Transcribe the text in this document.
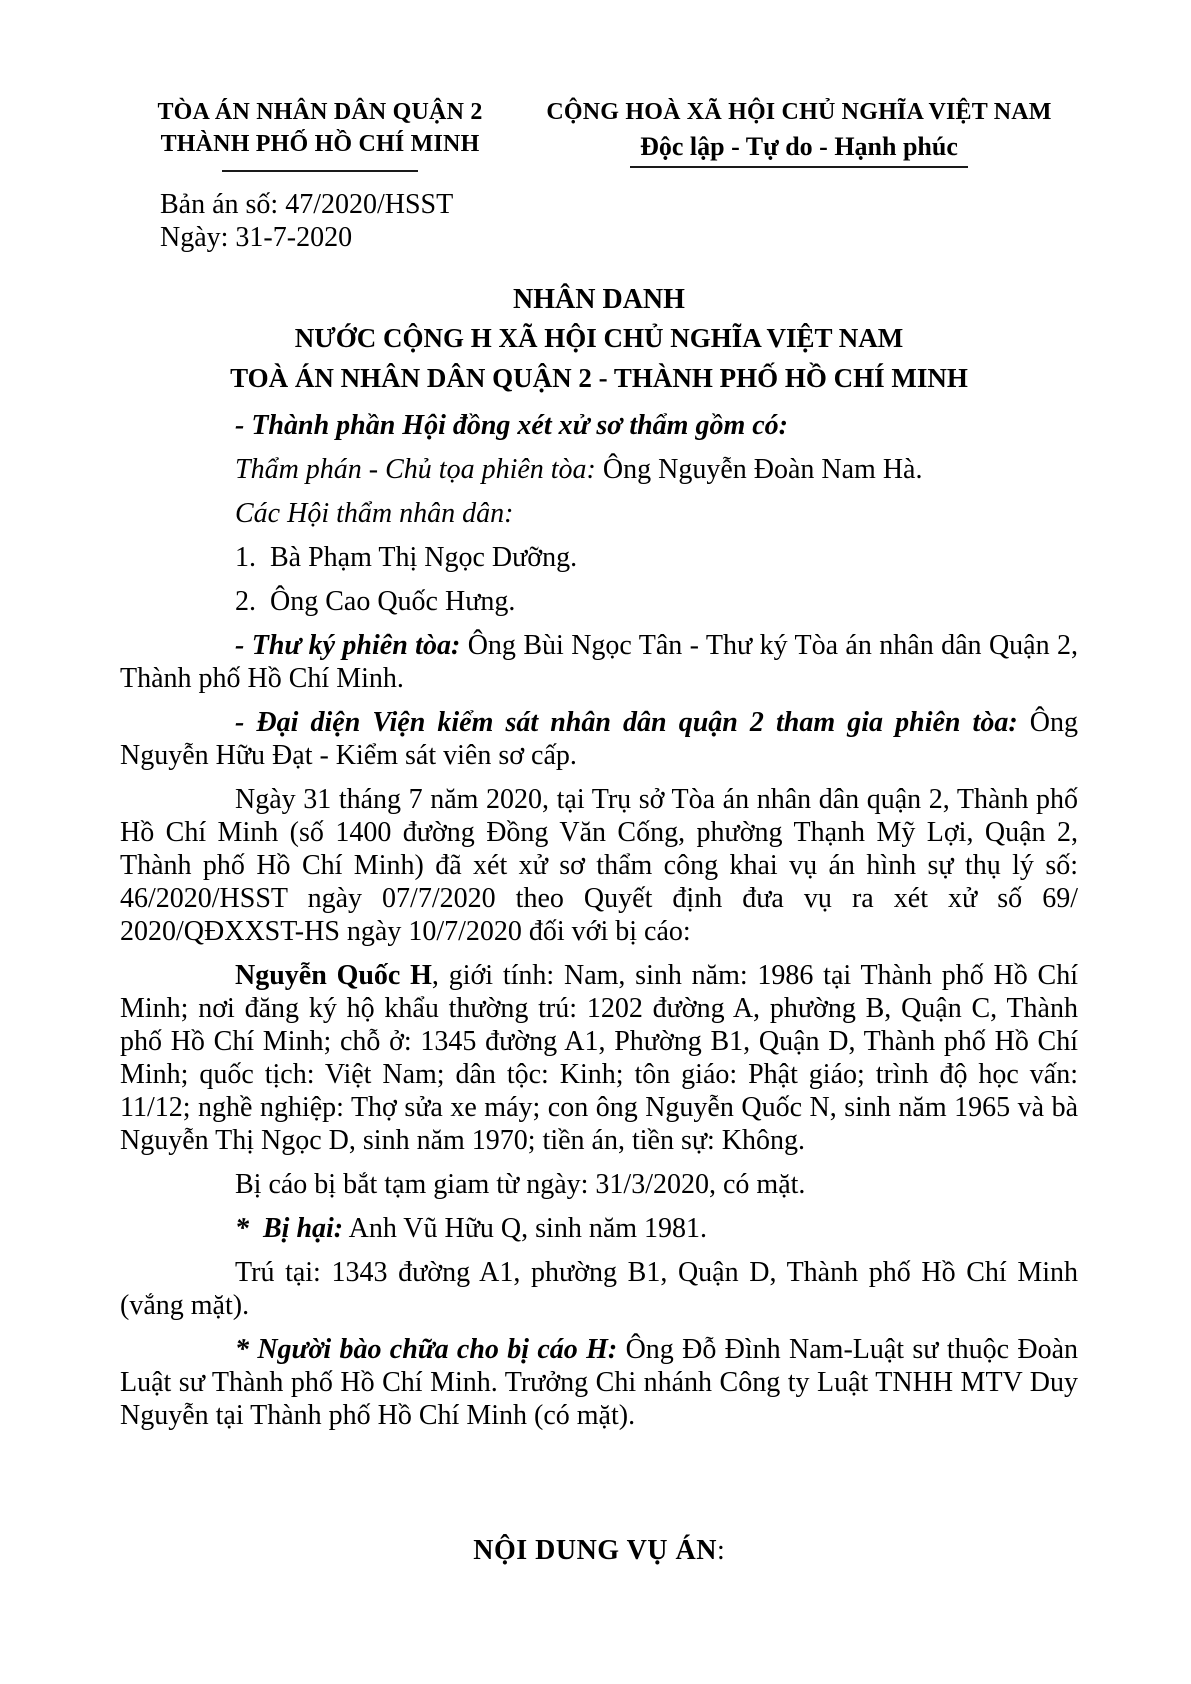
TÒA ÁN NHÂN DÂN QUẬN 2
THÀNH PHỐ HỒ CHÍ MINH
CỘNG HOÀ XÃ HỘI CHỦ NGHĨA VIỆT NAM
Độc lập - Tự do - Hạnh phúc
Bản án số: 47/2020/HSST
Ngày: 31-7-2020
NHÂN DANH
NƯỚC CỘNG H XÃ HỘI CHỦ NGHĨA VIỆT NAM
TOÀ ÁN NHÂN DÂN QUẬN 2 - THÀNH PHỐ HỒ CHÍ MINH

- Thành phần Hội đồng xét xử sơ thẩm gồm có:

Thẩm phán - Chủ tọa phiên tòa: Ông Nguyễn Đoàn Nam Hà.

Các Hội thẩm nhân dân:

1.  Bà Phạm Thị Ngọc Dưỡng.

2.  Ông Cao Quốc Hưng.

- Thư ký phiên tòa: Ông Bùi Ngọc Tân - Thư ký Tòa án nhân dân Quận 2, Thành phố Hồ Chí Minh.

- Đại diện Viện kiểm sát nhân dân quận 2 tham gia phiên tòa: Ông Nguyễn Hữu Đạt - Kiểm sát viên sơ cấp.

Ngày 31 tháng 7 năm 2020, tại Trụ sở Tòa án nhân dân quận 2, Thành phố Hồ Chí Minh (số 1400 đường Đồng Văn Cống, phường Thạnh Mỹ Lợi, Quận 2, Thành phố Hồ Chí Minh) đã xét xử sơ thẩm công khai vụ án hình sự thụ lý số: 46/2020/HSST ngày 07/7/2020 theo Quyết định đưa vụ ra xét xử số 69/ 2020/QĐXXST-HS ngày 10/7/2020 đối với bị cáo:

Nguyễn Quốc H, giới tính: Nam, sinh năm: 1986 tại Thành phố Hồ Chí Minh; nơi đăng ký hộ khẩu thường trú: 1202 đường A, phường B, Quận C, Thành phố Hồ Chí Minh; chỗ ở: 1345 đường A1, Phường B1, Quận D, Thành phố Hồ Chí Minh; quốc tịch: Việt Nam; dân tộc: Kinh; tôn giáo: Phật giáo; trình độ học vấn: 11/12; nghề nghiệp: Thợ sửa xe máy; con ông Nguyễn Quốc N, sinh năm 1965 và bà Nguyễn Thị Ngọc D, sinh năm 1970; tiền án, tiền sự: Không.

Bị cáo bị bắt tạm giam từ ngày: 31/3/2020, có mặt.

*  Bị hại: Anh Vũ Hữu Q, sinh năm 1981.

Trú tại: 1343 đường A1, phường B1, Quận D, Thành phố Hồ Chí Minh (vắng mặt).

* Người bào chữa cho bị cáo H: Ông Đỗ Đình Nam-Luật sư thuộc Đoàn Luật sư Thành phố Hồ Chí Minh. Trưởng Chi nhánh Công ty Luật TNHH MTV Duy Nguyễn tại Thành phố Hồ Chí Minh (có mặt).

NỘI DUNG VỤ ÁN:
